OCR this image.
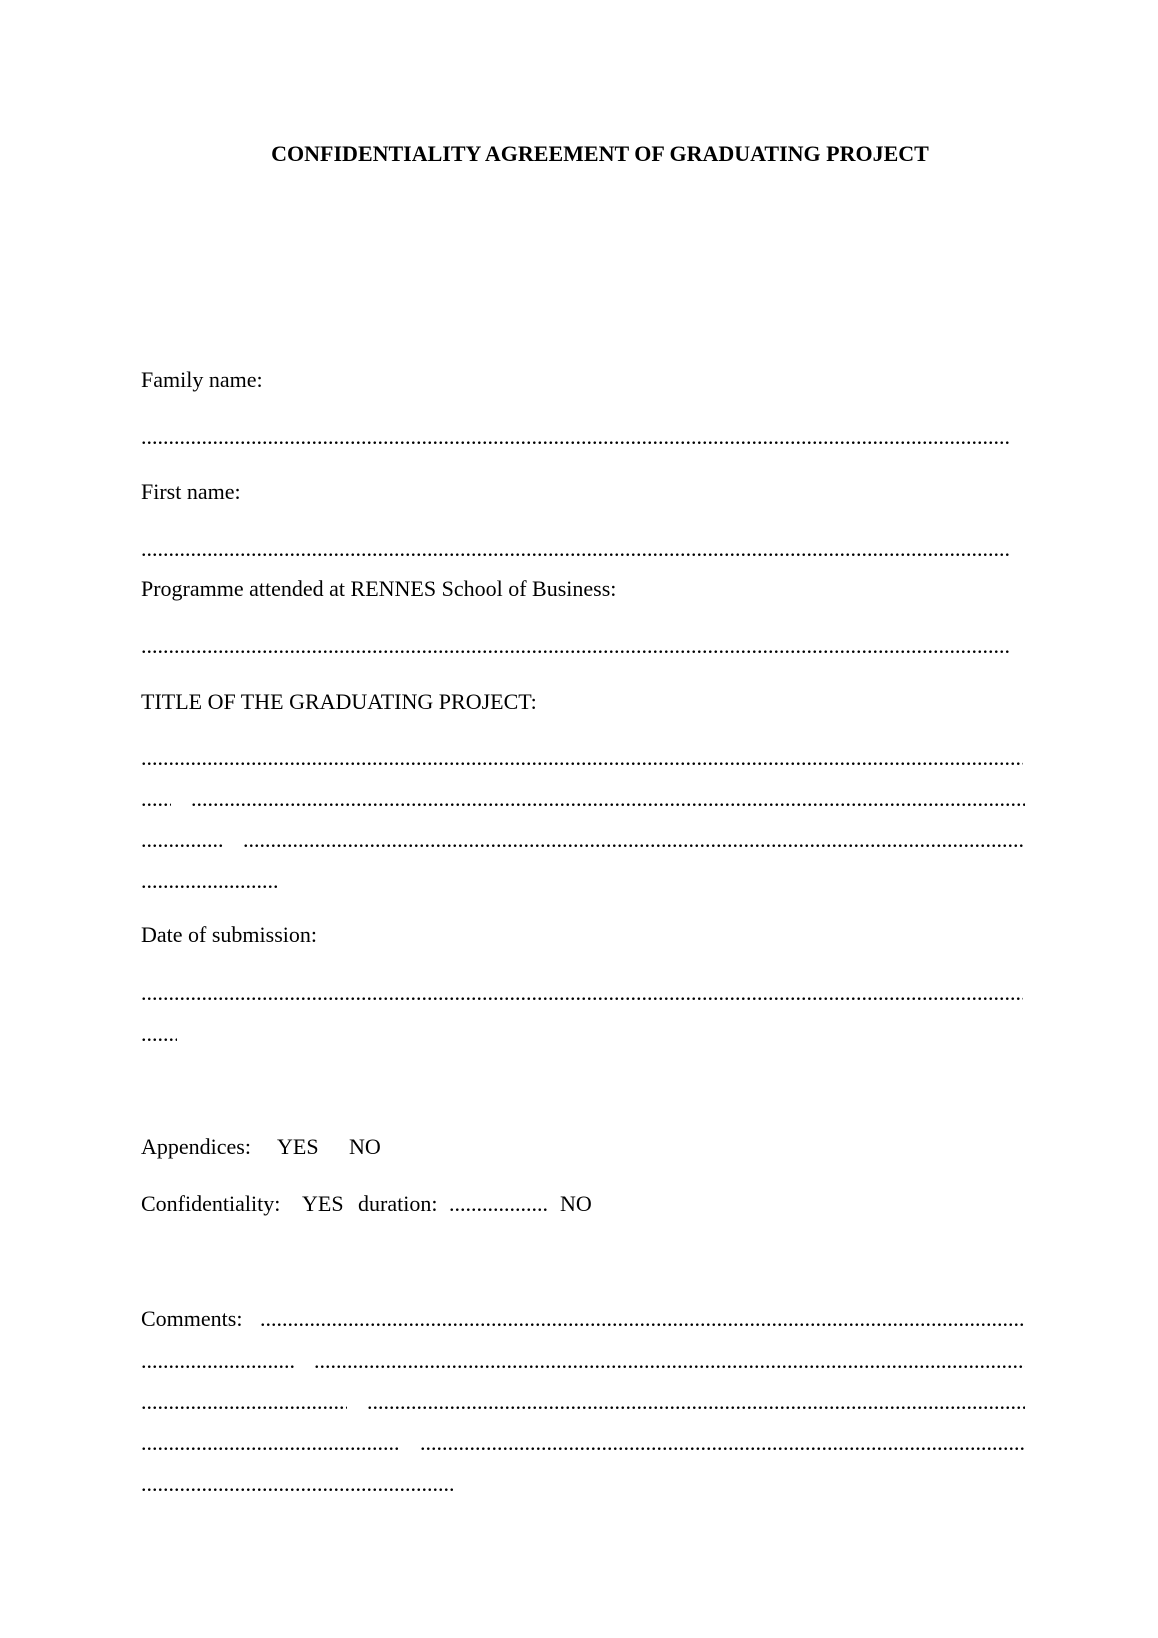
CONFIDENTIALITY AGREEMENT OF GRADUATING PROJECT
Family name:
.....
First name:
.....
Programme attended at RENNES School of Business:
.....
TITLE OF THE GRADUATING PROJECT:
.....
.....
.....
.....
.....
.....
Date of submission:
.....
.....
Appendices: YES NO
Confidentiality: YES duration:
.....	NO
Comments:
.....
.....
.....
.....
.....
.....
.....
.....
